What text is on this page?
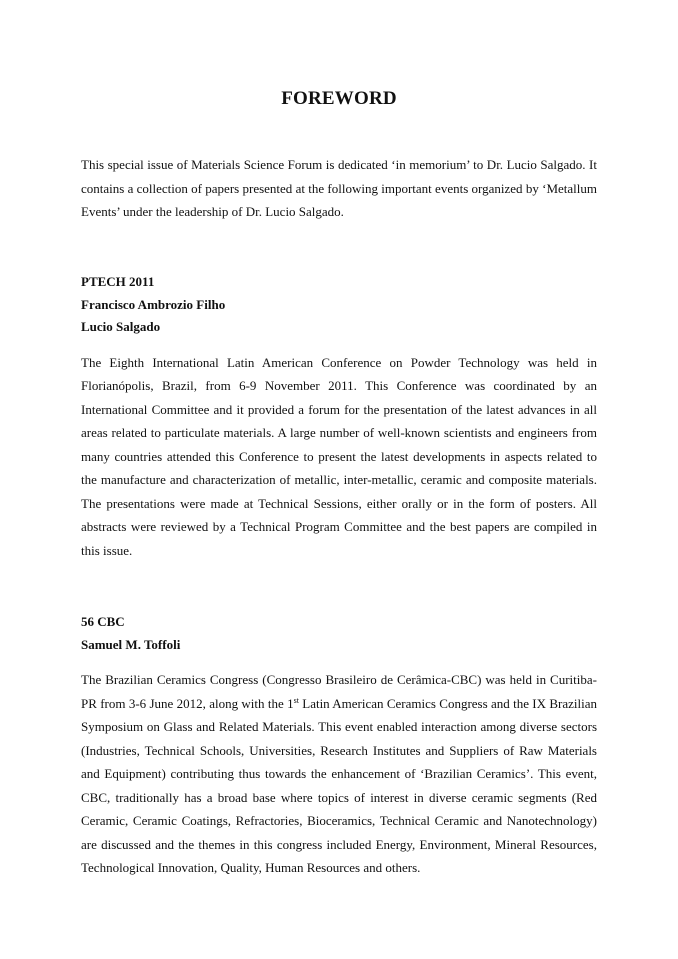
FOREWORD

This special issue of Materials Science Forum is dedicated ‘in memorium’ to Dr. Lucio Salgado. It contains a collection of papers presented at the following important events organized by ‘Metallum Events’ under the leadership of Dr. Lucio Salgado.

PTECH 2011

Francisco Ambrozio Filho

Lucio Salgado

The Eighth International Latin American Conference on Powder Technology was held in Florianópolis, Brazil, from 6-9 November 2011. This Conference was coordinated by an International Committee and it provided a forum for the presentation of the latest advances in all areas related to particulate materials. A large number of well-known scientists and engineers from many countries attended this Conference to present the latest developments in aspects related to the manufacture and characterization of metallic, inter-metallic, ceramic and composite materials. The presentations were made at Technical Sessions, either orally or in the form of posters. All abstracts were reviewed by a Technical Program Committee and the best papers are compiled in this issue.

56 CBC

Samuel M. Toffoli

The Brazilian Ceramics Congress (Congresso Brasileiro de Cerâmica-CBC) was held in Curitiba-PR from 3-6 June 2012, along with the 1st Latin American Ceramics Congress and the IX Brazilian Symposium on Glass and Related Materials. This event enabled interaction among diverse sectors (Industries, Technical Schools, Universities, Research Institutes and Suppliers of Raw Materials and Equipment) contributing thus towards the enhancement of ‘Brazilian Ceramics’. This event, CBC, traditionally has a broad base where topics of interest in diverse ceramic segments (Red Ceramic, Ceramic Coatings, Refractories, Bioceramics, Technical Ceramic and Nanotechnology) are discussed and the themes in this congress included Energy, Environment, Mineral Resources, Technological Innovation, Quality, Human Resources and others.
